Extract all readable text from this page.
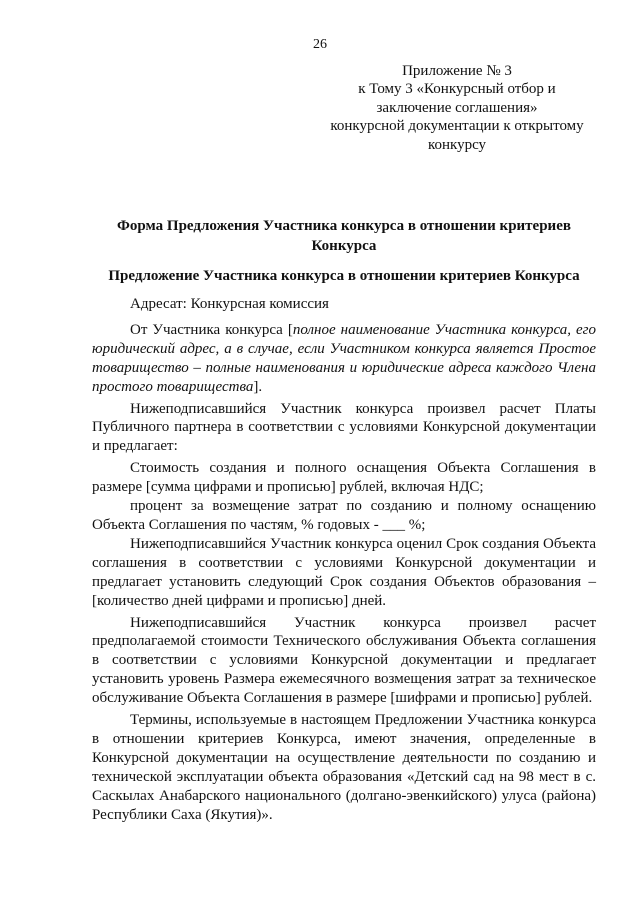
26
Приложение № 3
к Тому 3 «Конкурсный отбор и
заключение соглашения»
конкурсной документации к открытому
конкурсу
Форма Предложения Участника конкурса в отношении критериев
Конкурса
Предложение Участника конкурса в отношении критериев Конкурса

Адресат: Конкурсная комиссия

От Участника конкурса [полное наименование Участника конкурса, его юридический адрес, а в случае, если Участником конкурса является Простое товарищество – полные наименования и юридические адреса каждого Члена простого товарищества].

Нижеподписавшийся Участник конкурса произвел расчет Платы Публичного партнера в соответствии с условиями Конкурсной документации и предлагает:

Стоимость создания и полного оснащения Объекта Соглашения в размере [сумма цифрами и прописью] рублей, включая НДС;

процент за возмещение затрат по созданию и полному оснащению Объекта Соглашения по частям, % годовых - ___ %;

Нижеподписавшийся Участник конкурса оценил Срок создания Объекта соглашения в соответствии с условиями Конкурсной документации и предлагает установить следующий Срок создания Объектов образования – [количество дней цифрами и прописью] дней.

Нижеподписавшийся Участник конкурса произвел расчет предполагаемой стоимости Технического обслуживания Объекта соглашения в соответствии с условиями Конкурсной документации и предлагает установить уровень Размера ежемесячного возмещения затрат за техническое обслуживание Объекта Соглашения в размере [шифрами и прописью] рублей.

Термины, используемые в настоящем Предложении Участника конкурса в отношении критериев Конкурса, имеют значения, определенные в Конкурсной документации на осуществление деятельности по созданию и технической эксплуатации объекта образования «Детский сад на 98 мест в с. Саскылах Анабарского национального (долгано-эвенкийского) улуса (района) Республики Саха (Якутия)».
